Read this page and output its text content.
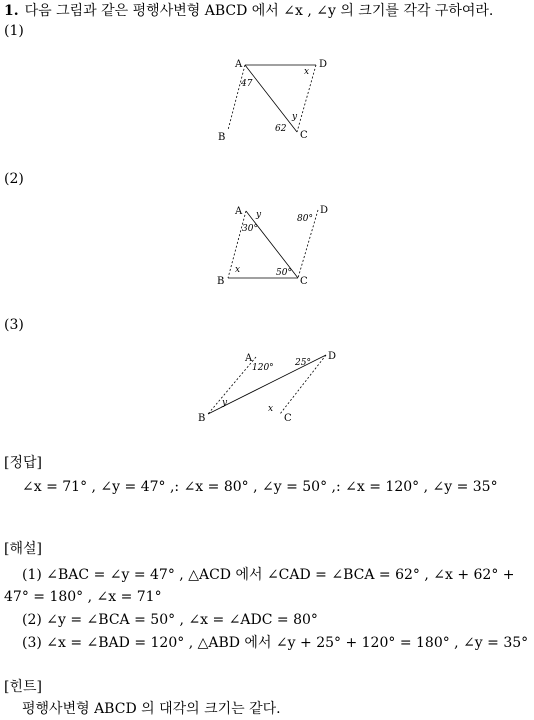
1. 다음 그림과 같은 평행사변형 ABCD 에서 ∠x , ∠y 의 크기를 각각 구하여라.
(1)
A	D
B	C
47
62
x
y
(2)
A	D
B	C
30°
y	80°
x	50°
(3)
A	D
B	C
120° 25°
y
x
[정답]
∠x = 71° , ∠y = 47° ,: ∠x = 80° , ∠y = 50° ,: ∠x = 120° , ∠y = 35°
[해설]
(1) ∠BAC = ∠y = 47° , △ACD 에서 ∠CAD = ∠BCA = 62° , ∠x + 62° +
47° = 180° , ∠x = 71°
(2) ∠y = ∠BCA = 50° , ∠x = ∠ADC = 80°
(3) ∠x = ∠BAD = 120° , △ABD 에서 ∠y + 25° + 120° = 180° , ∠y = 35°
[힌트]
평행사변형 ABCD 의 대각의 크기는 같다.
